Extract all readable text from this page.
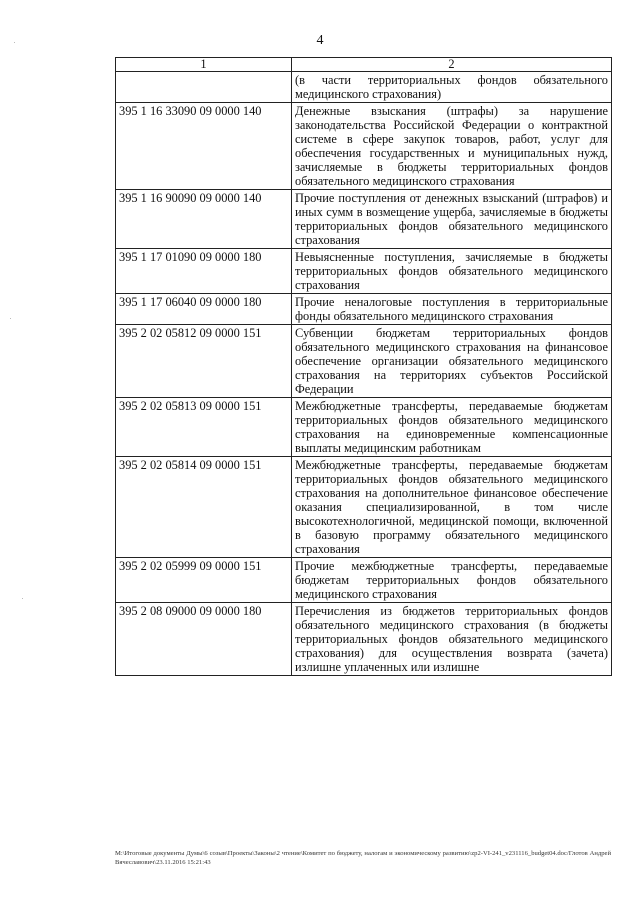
4
1	2
	(в части территориальных фондов обязательного медицинского страхования)
395 1 16 33090 09 0000 140	Денежные взыскания (штрафы) за нарушение законодательства Российской Федерации о контрактной системе в сфере закупок товаров, работ, услуг для обеспечения государственных и муниципальных нужд, зачисляемые в бюджеты территориальных фондов обязательного медицинского страхования
395 1 16 90090 09 0000 140	Прочие поступления от денежных взысканий (штрафов) и иных сумм в возмещение ущерба, зачисляемые в бюджеты территориальных фондов обязательного медицинского страхования
395 1 17 01090 09 0000 180	Невыясненные поступления, зачисляемые в бюджеты территориальных фондов обязательного медицинского страхования
395 1 17 06040 09 0000 180	Прочие неналоговые поступления в территориальные фонды обязательного медицинского страхования
395 2 02 05812 09 0000 151	Субвенции бюджетам территориальных фондов обязательного медицинского страхования на финансовое обеспечение организации обязательного медицинского страхования на территориях субъектов Российской Федерации
395 2 02 05813 09 0000 151	Межбюджетные трансферты, передаваемые бюджетам территориальных фондов обязательного медицинского страхования на единовременные компенсационные выплаты медицинским работникам
395 2 02 05814 09 0000 151	Межбюджетные трансферты, передаваемые бюджетам территориальных фондов обязательного медицинского страхования на дополнительное финансовое обеспечение оказания специализированной, в том числе высокотехнологичной, медицинской помощи, включенной в базовую программу обязательного медицинского страхования
395 2 02 05999 09 0000 151	Прочие межбюджетные трансферты, передаваемые бюджетам территориальных фондов обязательного медицинского страхования
395 2 08 09000 09 0000 180	Перечисления из бюджетов территориальных фондов обязательного медицинского страхования (в бюджеты территориальных фондов обязательного медицинского страхования) для осуществления возврата (зачета) излишне уплаченных или излишне
M:\Итоговые документы Думы\6 созыв\Проекты\Законы\2 чтение\Комитет по бюджету, налогам и экономическому развитию\zp2-VI-241_v231116_budget04.doc/Глотов Андрей Вячеславович\23.11.2016 15:21:43
